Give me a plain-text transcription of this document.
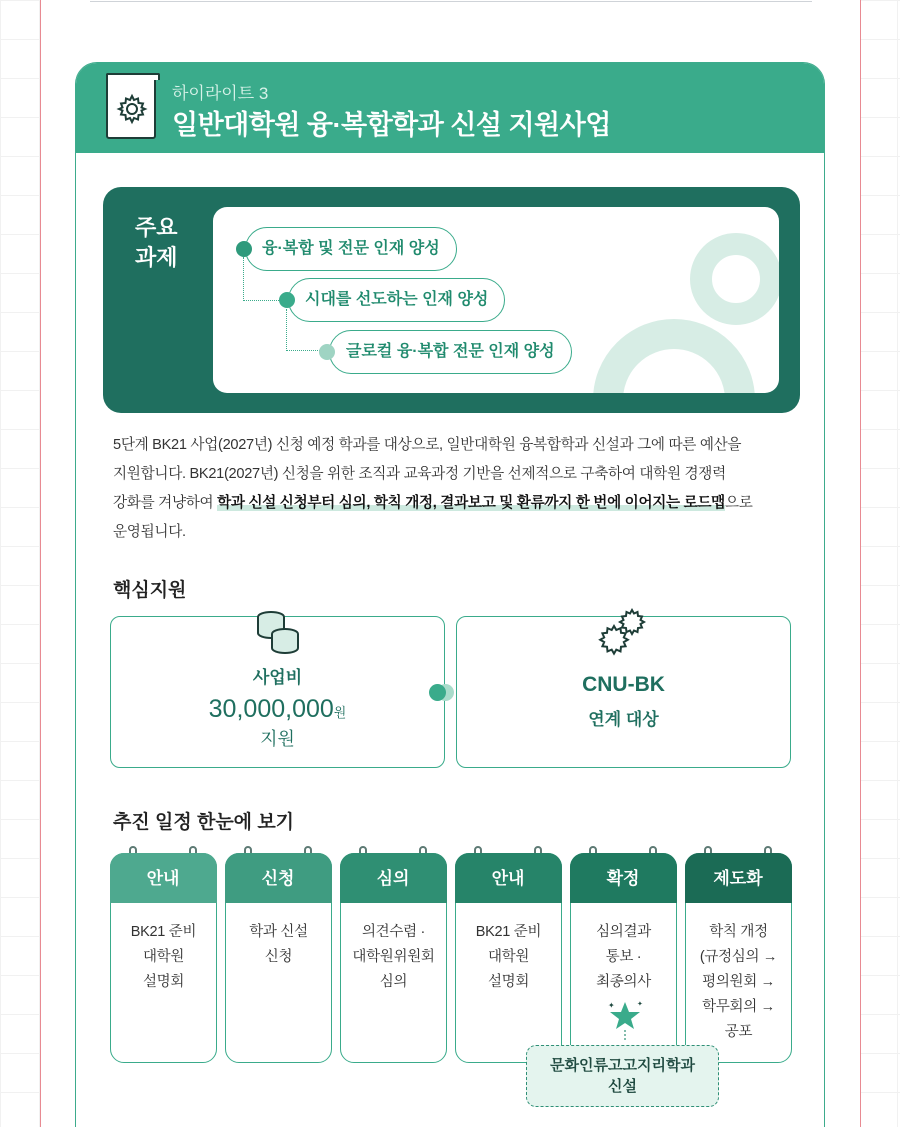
하이라이트 3
일반대학원 융·복합학과 신설 지원사업
주요
과제	융·복합 및 전문 인재 양성
시대를 선도하는 인재 양성
글로컬 융·복합 전문 인재 양성
5단계 BK21 사업(2027년) 신청 예정 학과를 대상으로, 일반대학원 융복합학과 신설과 그에 따른 예산을
지원합니다. BK21(2027년) 신청을 위한 조직과 교육과정 기반을 선제적으로 구축하여 대학원 경쟁력
강화를 겨냥하여 학과 신설 신청부터 심의, 학칙 개정, 결과보고 및 환류까지 한 번에 이어지는 로드맵으로
운영됩니다.
핵심지원
사업비
30,000,000원
지원
CNU-BK
연계 대상
추진 일정 한눈에 보기
안내
BK21 준비
대학원
설명회
신청
학과 신설
신청
심의
의견수렴 ·
대학원위원회
심의
안내
BK21 준비
대학원
설명회
확정
심의결과
통보 ·
최종의사
✦	✦
제도화
학칙 개정
(규정심의 →
평의원회 →
학무회의 →
공포
문화인류고고지리학과
신설
